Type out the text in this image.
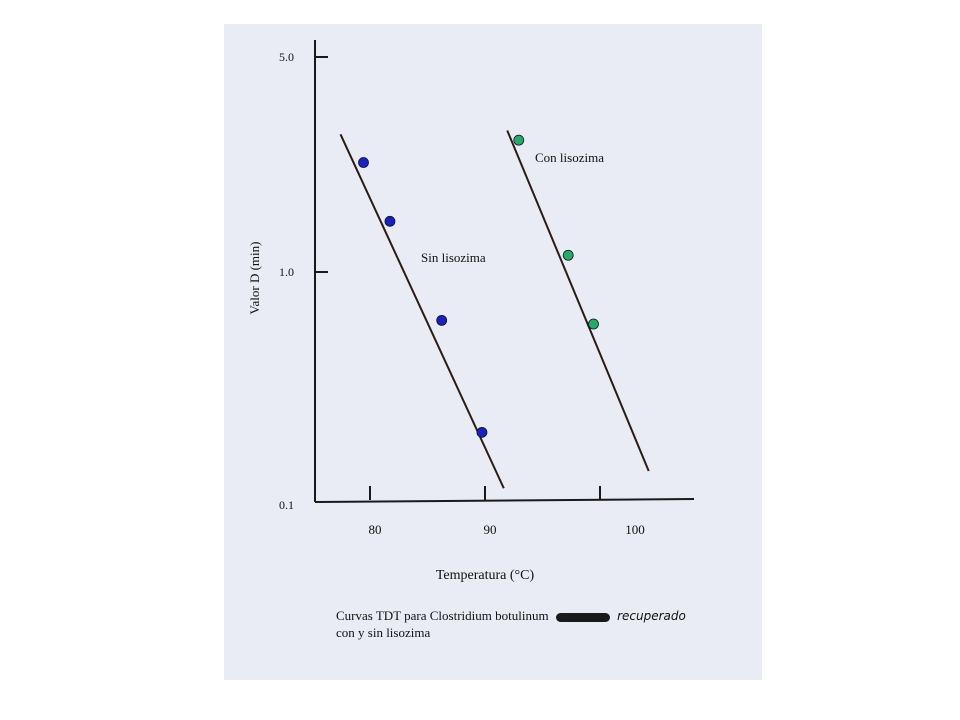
5.0
1.0
0.1
80	90	100
Temperatura (°C)
Valor D (min)	Sin lisozima
Con lisozima
Curvas TDT para Clostridium botulinum	recuperado
con y sin lisozima
